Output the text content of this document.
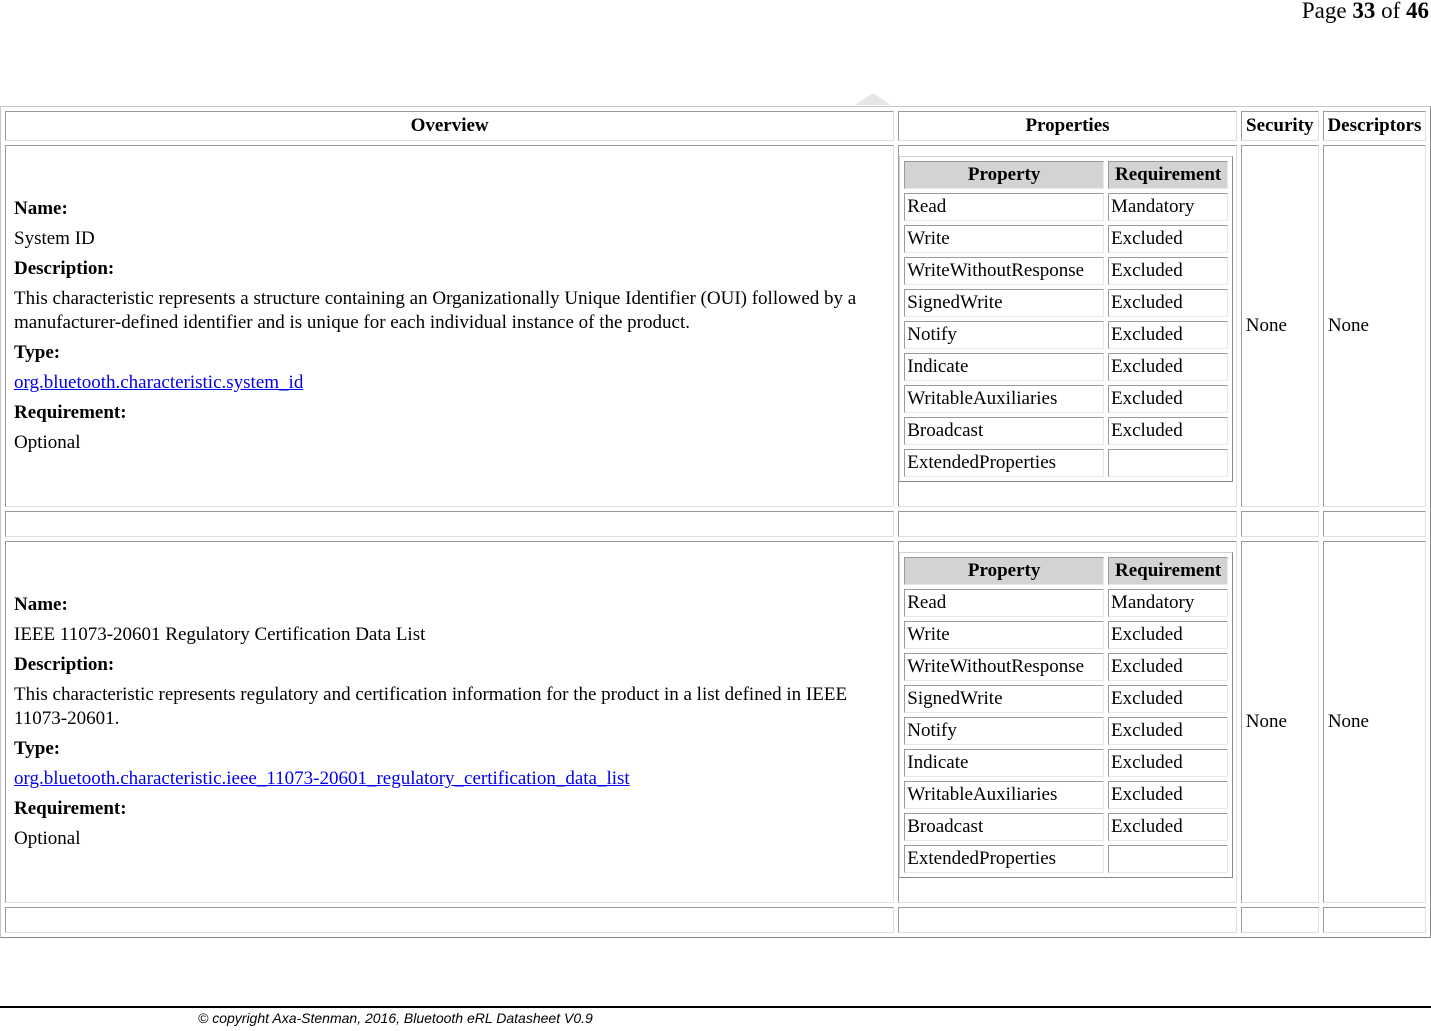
Page 33 of 46
Overview	Properties	Security	Descriptors

Name:

System ID

Description:

This characteristic represents a structure containing an Organizationally Unique Identifier (OUI) followed by a manufacturer-defined identifier and is unique for each individual instance of the product.

Type:

org.bluetooth.characteristic.system_id

Requirement:

Optional

Property	Requirement
Read	Mandatory
Write	Excluded
WriteWithoutResponse	Excluded
SignedWrite	Excluded
Notify	Excluded
Indicate	Excluded
WritableAuxiliaries	Excluded
Broadcast	Excluded
ExtendedProperties	
	None	None

Name:

IEEE 11073-20601 Regulatory Certification Data List

Description:

This characteristic represents regulatory and certification information for the product in a list defined in IEEE 11073-20601.

Type:

org.bluetooth.characteristic.ieee_11073-20601_regulatory_certification_data_list

Requirement:

Optional

Property	Requirement
Read	Mandatory
Write	Excluded
WriteWithoutResponse	Excluded
SignedWrite	Excluded
Notify	Excluded
Indicate	Excluded
WritableAuxiliaries	Excluded
Broadcast	Excluded
ExtendedProperties	
	None	None

© copyright Axa-Stenman, 2016, Bluetooth eRL Datasheet V0.9
